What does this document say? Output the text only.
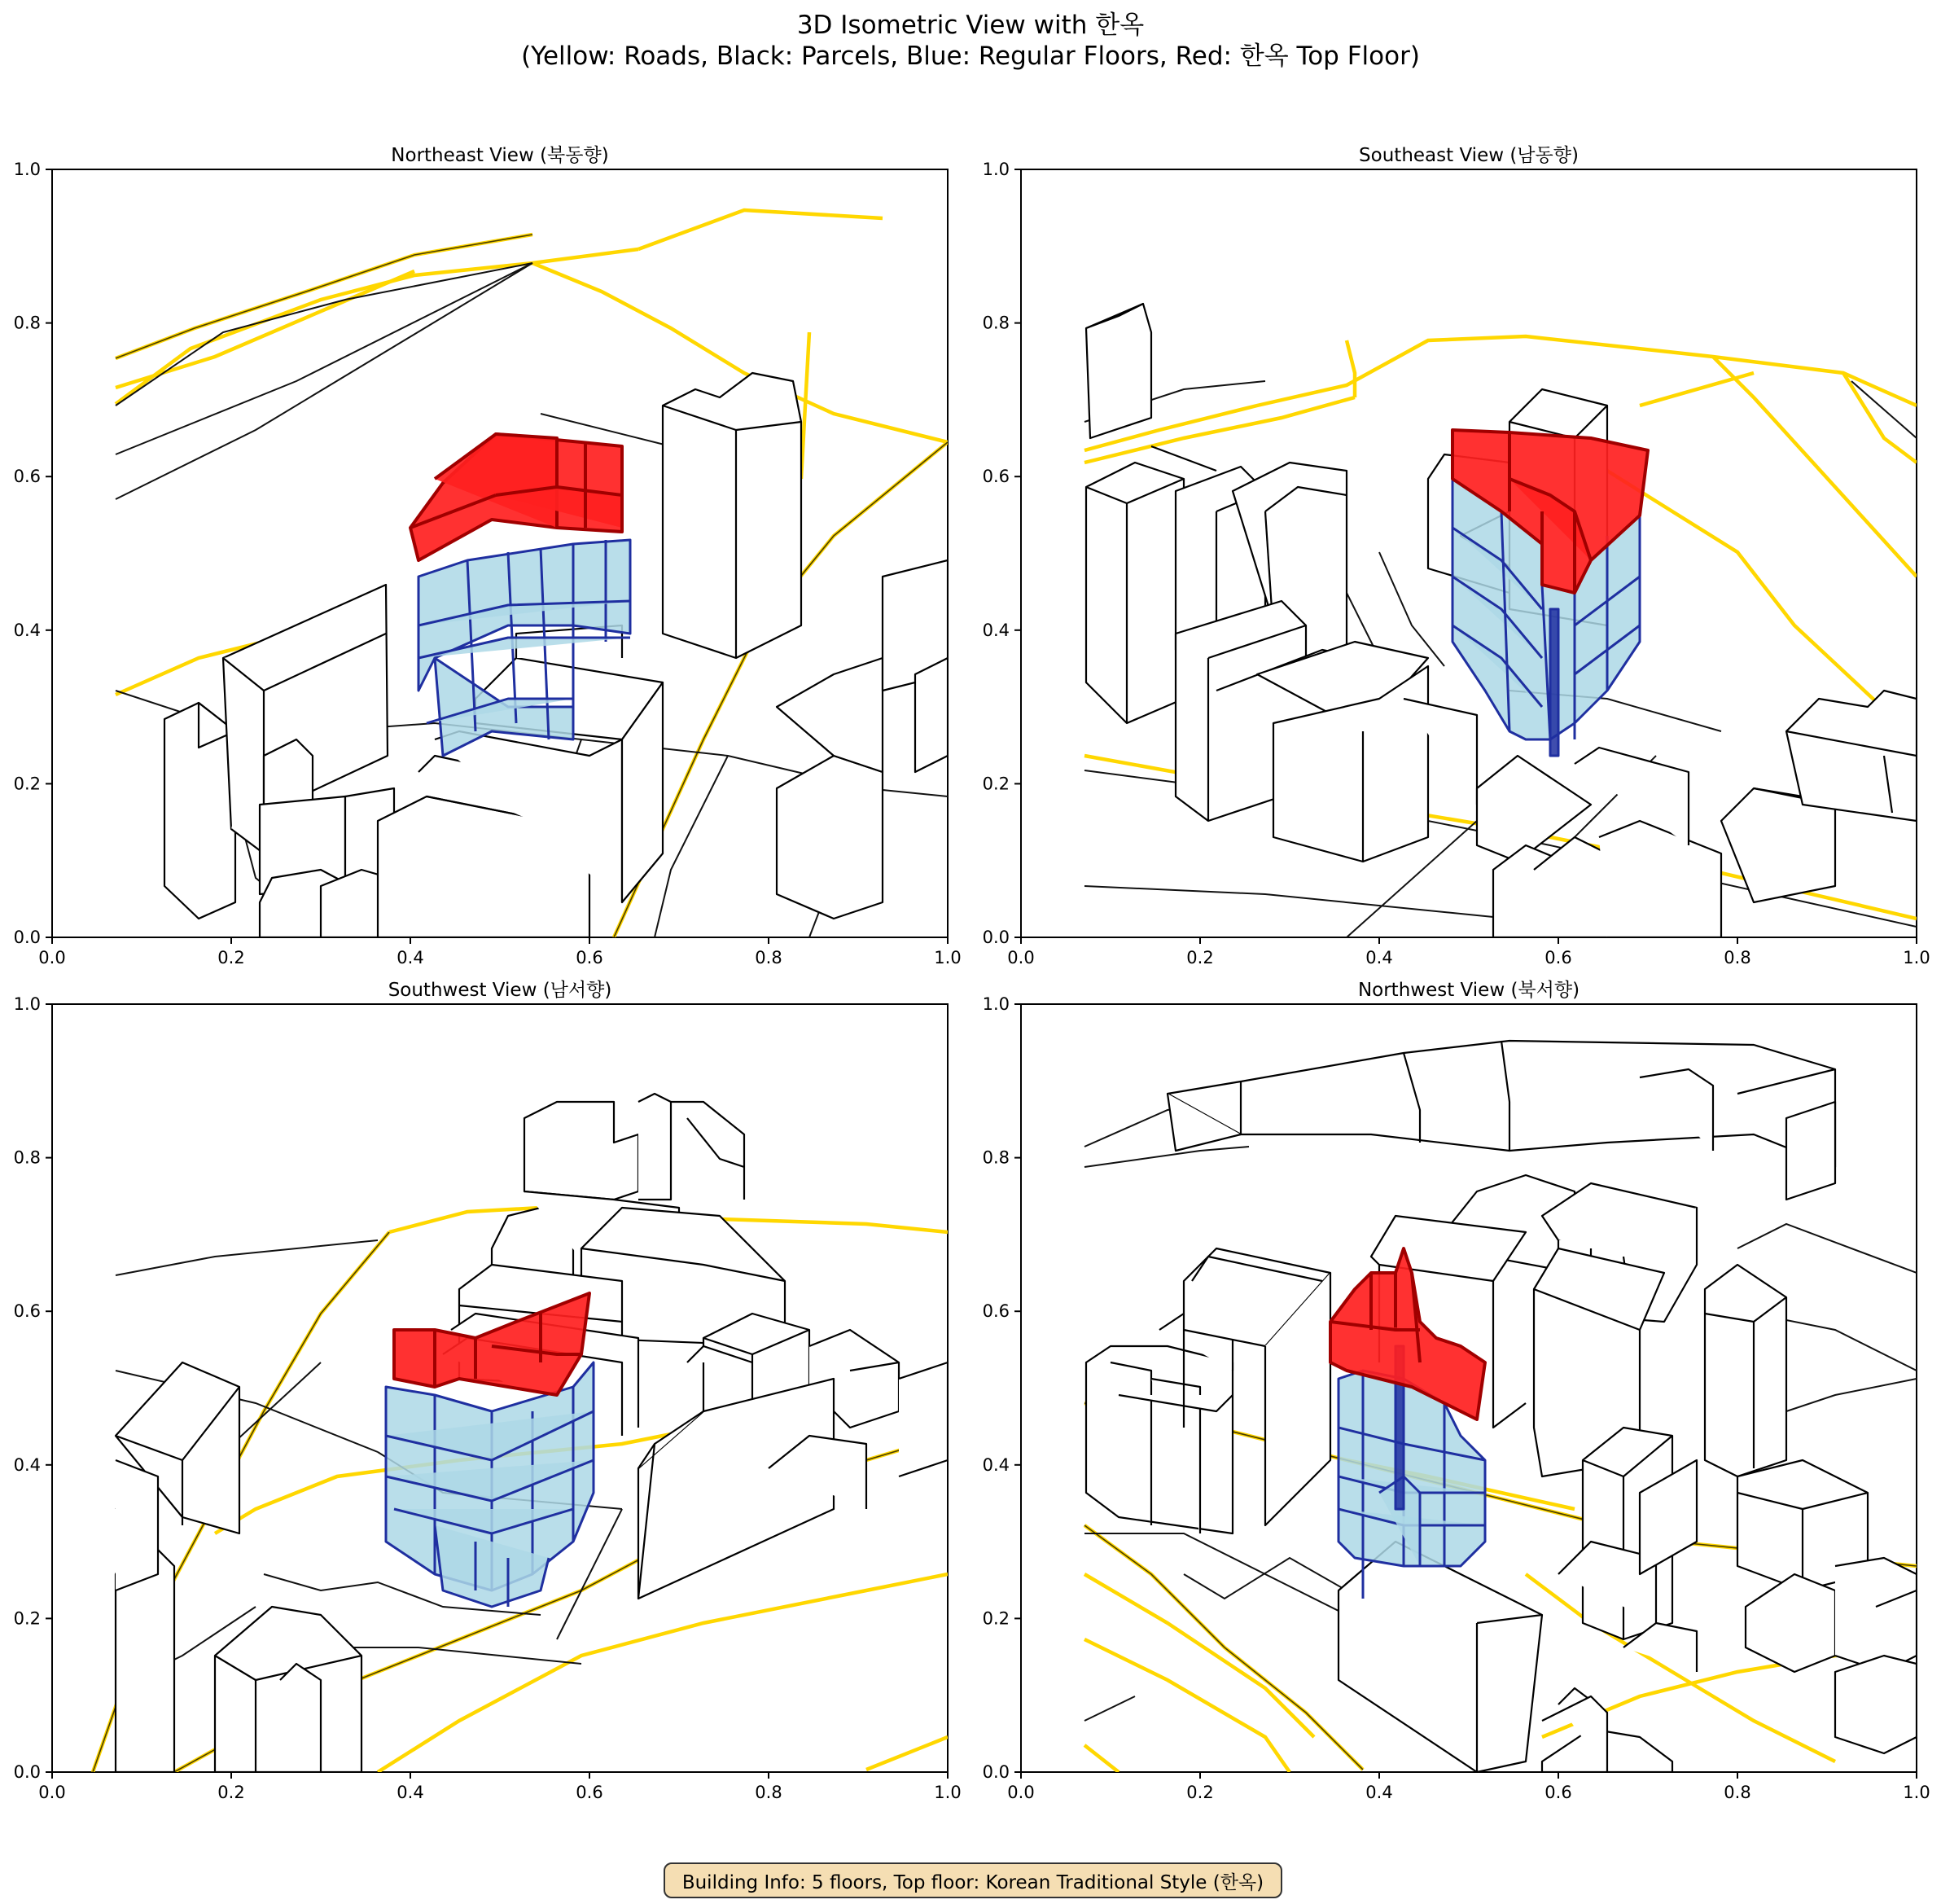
3D Isometric View with 한옥
(Yellow: Roads, Black: Parcels, Blue: Regular Floors, Red: 한옥 Top Floor)
Northeast View (북동향)	Southeast View (남동향)
Southwest View (남서향)	Northwest View (북서향)
0.0	0.2	0.4	0.6	0.8	1.0
0.0
0.2
0.4
0.6
0.8
1.0
0.0	0.2	0.4	0.6	0.8	1.0
0.0
0.2
0.4
0.6
0.8
1.0
0.0	0.2	0.4	0.6	0.8	1.0
0.0
0.2
0.4
0.6
0.8
1.0
0.0	0.2	0.4	0.6	0.8	1.0
0.0
0.2
0.4
0.6
0.8
1.0
Building Info: 5 floors, Top floor: Korean Traditional Style (한옥)
